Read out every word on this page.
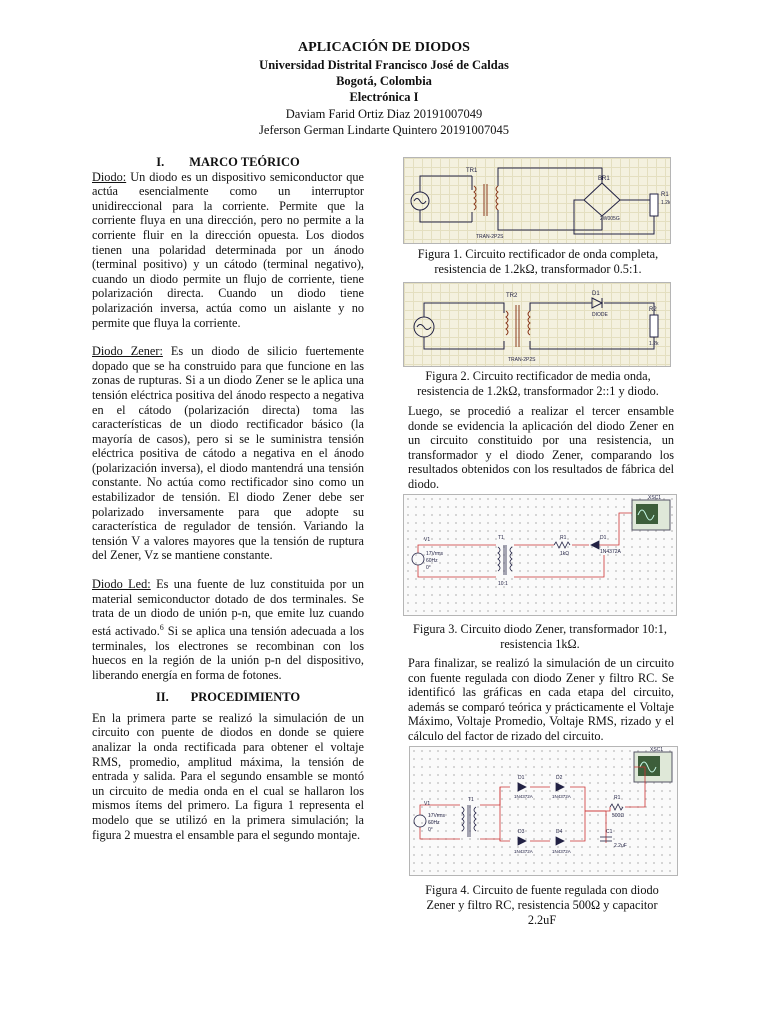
APLICACIÓN DE DIODOS
Universidad Distrital Francisco José de Caldas
Bogotá, Colombia
Electrónica I
Daviam Farid Ortiz Diaz 20191007049
Jeferson German Lindarte Quintero 20191007045
I.        MARCO TEÓRICO

Diodo: Un diodo es un dispositivo semiconductor que actúa esencialmente como un interruptor unidireccional para la corriente. Permite que la corriente fluya en una dirección, pero no permite a la corriente fluir en la dirección opuesta. Los diodos tienen una polaridad determinada por un ánodo (terminal positivo) y un cátodo (terminal negativo), cuando un diodo permite un flujo de corriente, tiene polarización directa. Cuando un diodo tiene polarización inversa, actúa como un aislante y no permite que fluya la corriente.

Diodo Zener: Es un diodo de silicio fuertemente dopado que se ha construido para que funcione en las zonas de rupturas. Si a un diodo Zener se le aplica una tensión eléctrica positiva del ánodo respecto a negativa en el cátodo (polarización directa) toma las características de un diodo rectificador básico (la mayoría de casos), pero si se le suministra tensión eléctrica positiva de cátodo a negativa en el ánodo (polarización inversa), el diodo mantendrá una tensión constante. No actúa como rectificador sino como un estabilizador de tensión. El diodo Zener debe ser polarizado inversamente para que adopte su característica de regulador de tensión. Variando la tensión V a valores mayores que la tensión de ruptura del Zener, Vz se mantiene constante.

Diodo Led: Es una fuente de luz constituida por un material semiconductor dotado de dos terminales. Se trata de un diodo de unión p-n, que emite luz cuando está activado.$^6$ Si se aplica una tensión adecuada a los terminales, los electrones se recombinan con los huecos en la región de la unión p-n del dispositivo, liberando energía en forma de fotones.

II.       PROCEDIMIENTO

En la primera parte se realizó la simulación de un circuito con puente de diodos en donde se quiere analizar la onda rectificada para obtener el voltaje RMS, promedio, amplitud máxima, la tensión de entrada y salida. Para el segundo ensamble se montó un circuito de media onda en el cual se hallaron los mismos ítems del primero. La figura 1 representa el modelo que se utilizó en la primera simulación; la figura 2 muestra el ensamble para el segundo montaje.

TR1
TRAN-2P2S
BR1
2W005G
R1
1.2k
Figura 1. Circuito rectificador de onda completa,
resistencia de 1.2kΩ, transformador 0.5:1.
TR2
TRAN-2P2S
D1
DIODE
R2
1.2k
Figura 2. Circuito rectificador de media onda,
resistencia de 1.2kΩ, transformador 2::1 y diodo.
Luego, se procedió a realizar el tercer ensamble donde se evidencia la aplicación del diodo Zener en un circuito constituido por una resistencia, un transformador y el diodo Zener, comparando los resultados obtenidos con los resultados de fábrica del diodo.
XSC1
V1
17Vrms
60Hz
0°
T1
10:1
R1
1kΩ
D1
1N4372A
Figura 3. Circuito diodo Zener, transformador 10:1,
resistencia 1kΩ.
Para finalizar, se realizó la simulación de un circuito con fuente regulada con diodo Zener y filtro RC. Se identificó las gráficas en cada etapa del circuito, además se comparó teórica y prácticamente el Voltaje Máximo, Voltaje Promedio, Voltaje RMS, rizado y el cálculo del factor de rizado del circuito.
XSC1
V1
17Vrms
60Hz
0°
T1
D1
1N4372A
D2
1N4372A
D3
1N4372A
D4
1N4372A
R1
500Ω
C1
2.2uF
Figura 4. Circuito de fuente regulada con diodo
Zener y filtro RC, resistencia 500Ω y capacitor
2.2uF
